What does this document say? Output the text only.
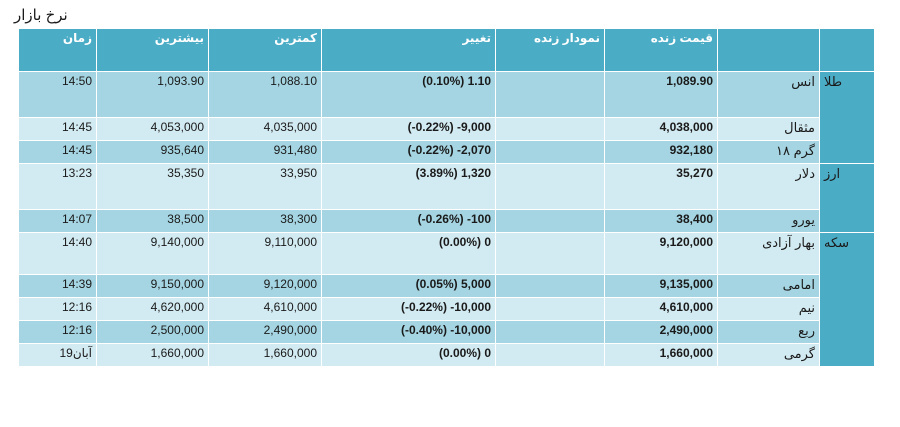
نرخ بازار
زمان	بیشترین	کمترین	تغییر	نمودار زنده	قیمت زنده		
14:50	1,093.90	1,088.10	(0.10%) 1.10		1,089.90	انس	طلا
14:45	4,053,000	4,035,000	(-0.22%) -9,000		4,038,000	مثقال	
14:45	935,640	931,480	(-0.22%) -2,070		932,180	گرم ۱۸	
13:23	35,350	33,950	(3.89%) 1,320		35,270	دلار	ارز
14:07	38,500	38,300	(-0.26%) -100		38,400	یورو	
14:40	9,140,000	9,110,000	(0.00%) 0		9,120,000	بهار آزادی	سکه
14:39	9,150,000	9,120,000	(0.05%) 5,000		9,135,000	امامی	
12:16	4,620,000	4,610,000	(-0.22%) -10,000		4,610,000	نیم	
12:16	2,500,000	2,490,000	(-0.40%) -10,000		2,490,000	ربع	
19آبان	1,660,000	1,660,000	(0.00%) 0		1,660,000	گرمی	
